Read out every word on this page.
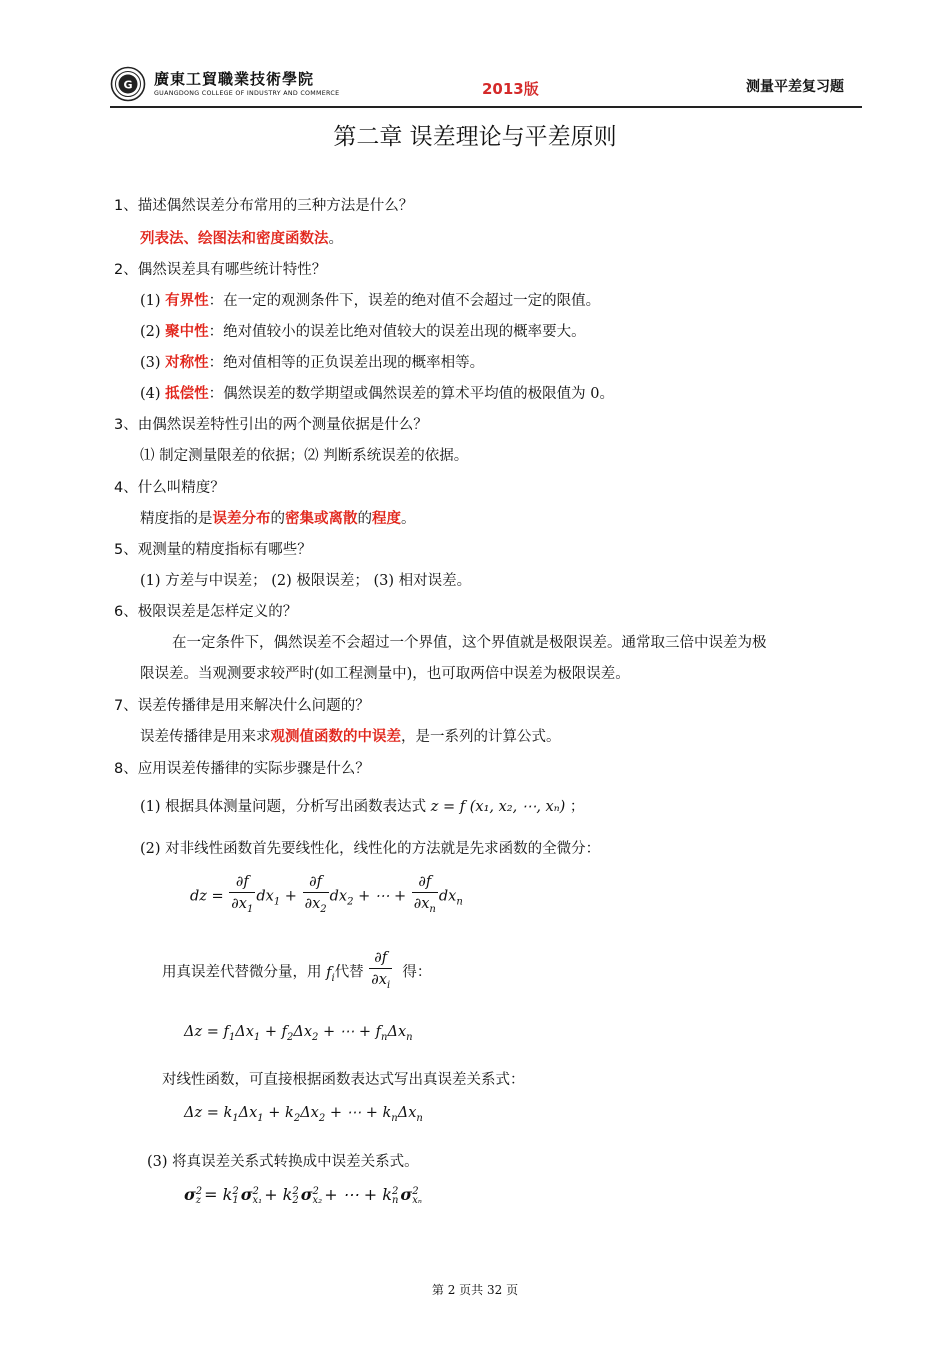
G 廣東工貿職業技術學院
GUANGDONG COLLEGE OF INDUSTRY AND COMMERCE	2013版	测量平差复习题
第二章 误差理论与平差原则
1、描述偶然误差分布常用的三种方法是什么？
列表法、绘图法和密度函数法。
2、偶然误差具有哪些统计特性？
(1) 有界性：在一定的观测条件下，误差的绝对值不会超过一定的限值。
(2) 聚中性：绝对值较小的误差比绝对值较大的误差出现的概率要大。
(3) 对称性：绝对值相等的正负误差出现的概率相等。
(4) 抵偿性：偶然误差的数学期望或偶然误差的算术平均值的极限值为 0。
3、由偶然误差特性引出的两个测量依据是什么？
⑴ 制定测量限差的依据；⑵ 判断系统误差的依据。
4、什么叫精度？
精度指的是误差分布的密集或离散的程度。
5、观测量的精度指标有哪些？
(1) 方差与中误差； (2) 极限误差； (3) 相对误差。
6、极限误差是怎样定义的？
在一定条件下，偶然误差不会超过一个界值，这个界值就是极限误差。通常取三倍中误差为极
限误差。当观测要求较严时(如工程测量中)，也可取两倍中误差为极限误差。
7、误差传播律是用来解决什么问题的？
误差传播律是用来求观测值函数的中误差，是一系列的计算公式。
8、应用误差传播律的实际步骤是什么？
(1) 根据具体测量问题，分析写出函数表达式 z = f (x₁, x₂, ⋯, xₙ) ；
(2) 对非线性函数首先要线性化，线性化的方法就是先求函数的全微分：
dz = $\frac{\partial f}{\partial x_1} dx_1 + \frac{\partial f}{\partial x_2} dx_2$ + ⋯ + $\frac{\partial f}{\partial x_n} dx_n$
用真误差代替微分量，用 $f_i$代替 $\frac{\partial f}{\partial x_i}$ 得：
$\Delta z = f_1\Delta x_1 + f_2\Delta x_2$ + ⋯ + $f_n\Delta x_n$
对线性函数，可直接根据函数表达式写出真误差关系式：
$\Delta z = k_1\Delta x_1 + k_2\Delta x_2$ + ⋯ + $k_n\Delta x_n$
(3) 将真误差关系式转换成中误差关系式。
σ2
z = k2
1 σ2
x₁ + k2
2 σ2
x₂ + ⋯ + k2
n σ2
xₙ
第 2 页共 32 页
